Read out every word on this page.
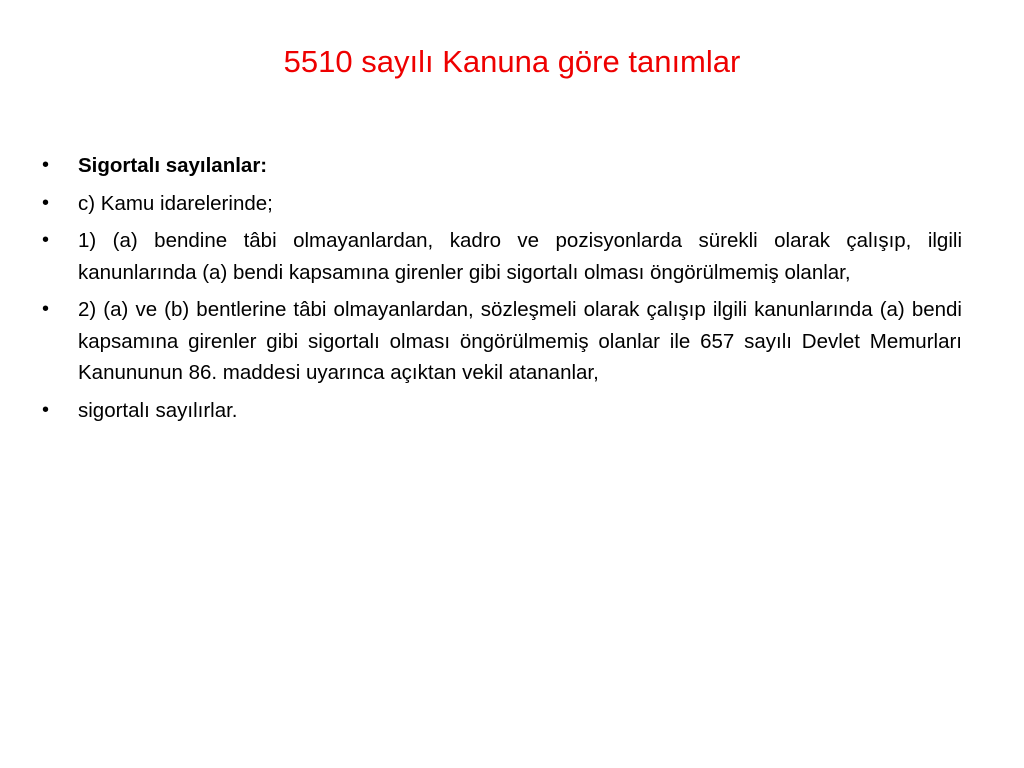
5510 sayılı Kanuna göre tanımlar
•	Sigortalı sayılanlar:
•	c) Kamu idarelerinde;
•	1) (a) bendine tâbi olmayanlardan, kadro ve pozisyonlarda sürekli olarak çalışıp, ilgili kanunlarında (a) bendi kapsamına girenler gibi sigortalı olması öngörülmemiş olanlar,
•	2) (a) ve (b) bentlerine tâbi olmayanlardan, sözleşmeli olarak çalışıp ilgili kanunlarında (a) bendi kapsamına girenler gibi sigortalı olması öngörülmemiş olanlar ile 657 sayılı Devlet Memurları Kanununun 86. maddesi uyarınca açıktan vekil atananlar,
•	sigortalı sayılırlar.
